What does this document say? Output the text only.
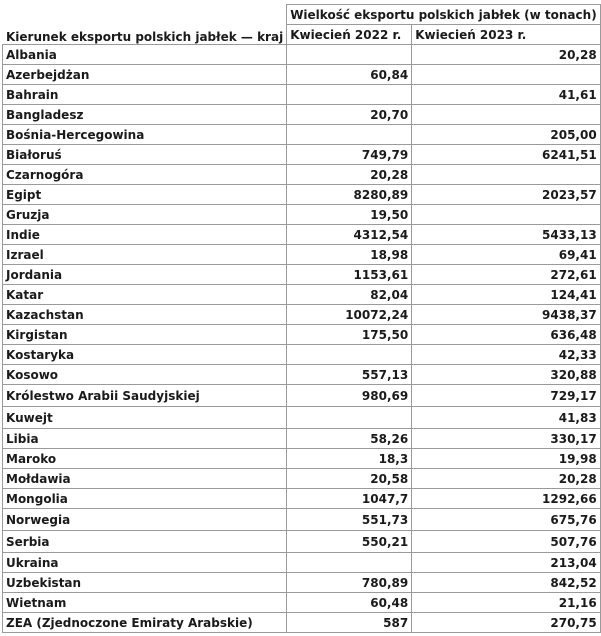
Kierunek eksportu polskich jabłek — kraj	Wielkość eksportu polskich jabłek (w tonach)	
	Kwiecień 2022 r.	Kwiecień 2023 r.
Albania		20,28
Azerbejdżan	60,84	
Bahrain		41,61
Bangladesz	20,70	
Bośnia-Hercegowina		205,00
Białoruś	749,79	6241,51
Czarnogóra	20,28	
Egipt	8280,89	2023,57
Gruzja	19,50	
Indie	4312,54	5433,13
Izrael	18,98	69,41
Jordania	1153,61	272,61
Katar	82,04	124,41
Kazachstan	10072,24	9438,37
Kirgistan	175,50	636,48
Kostaryka		42,33
Kosowo	557,13	320,88
Królestwo Arabii Saudyjskiej	980,69	729,17
Kuwejt		41,83
Libia	58,26	330,17
Maroko	18,3	19,98
Mołdawia	20,58	20,28
Mongolia	1047,7	1292,66
Norwegia	551,73	675,76
Serbia	550,21	507,76
Ukraina		213,04
Uzbekistan	780,89	842,52
Wietnam	60,48	21,16
ZEA (Zjednoczone Emiraty Arabskie)	587	270,75
